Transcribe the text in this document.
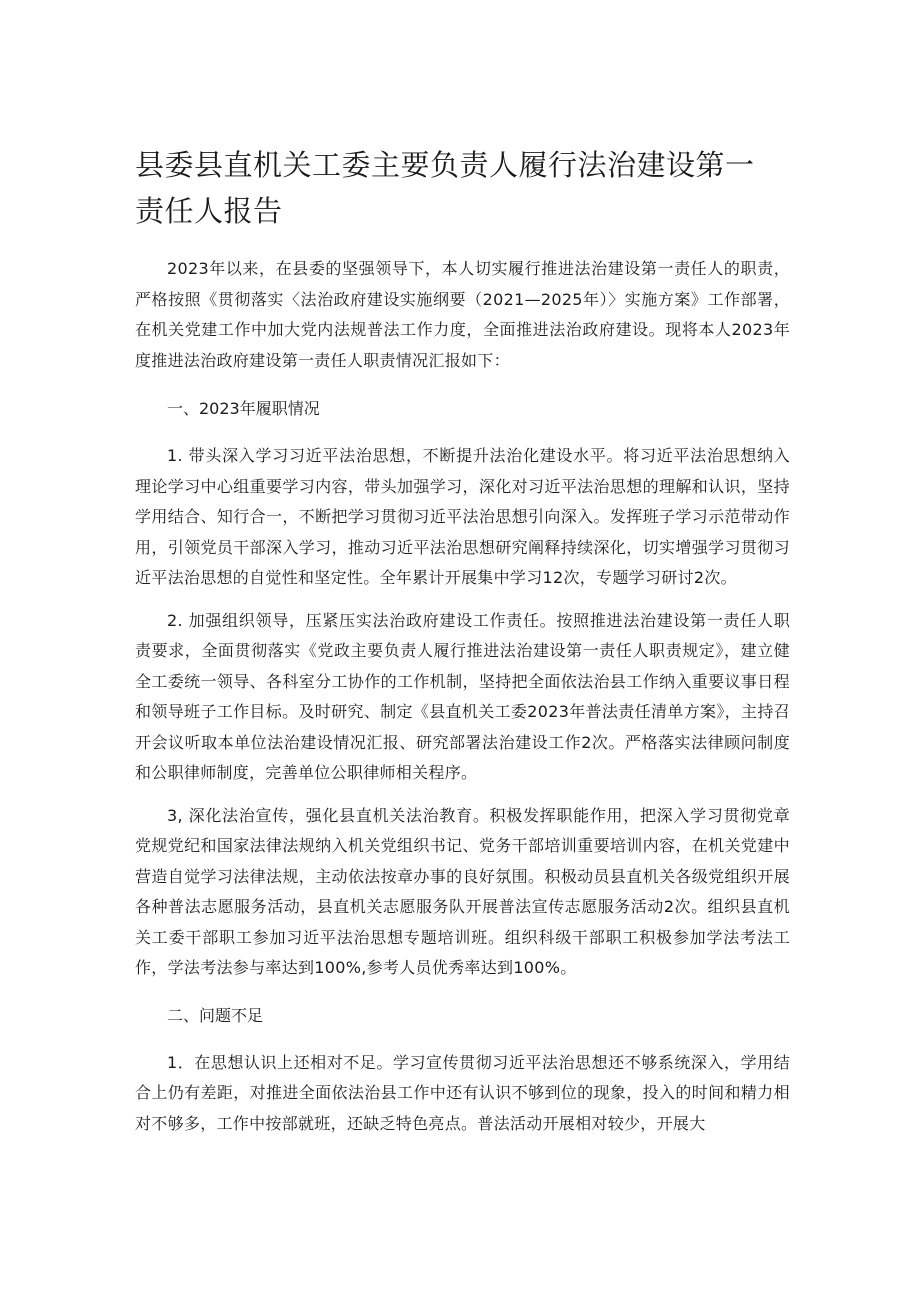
县委县直机关工委主要负责人履行法治建设第一责任人报告

2023年以来，在县委的坚强领导下，本人切实履行推进法治建设第一责任人的职责，严格按照《贯彻落实〈法治政府建设实施纲要（2021—2025年）〉实施方案》工作部署，在机关党建工作中加大党内法规普法工作力度，全面推进法治政府建设。现将本人2023年度推进法治政府建设第一责任人职责情况汇报如下：

一、2023年履职情况

1. 带头深入学习习近平法治思想，不断提升法治化建设水平。将习近平法治思想纳入理论学习中心组重要学习内容，带头加强学习，深化对习近平法治思想的理解和认识，坚持学用结合、知行合一，不断把学习贯彻习近平法治思想引向深入。发挥班子学习示范带动作用，引领党员干部深入学习，推动习近平法治思想研究阐释持续深化，切实增强学习贯彻习近平法治思想的自觉性和坚定性。全年累计开展集中学习12次，专题学习研讨2次。

2. 加强组织领导，压紧压实法治政府建设工作责任。按照推进法治建设第一责任人职责要求，全面贯彻落实《党政主要负责人履行推进法治建设第一责任人职责规定》，建立健全工委统一领导、各科室分工协作的工作机制，坚持把全面依法治县工作纳入重要议事日程和领导班子工作目标。及时研究、制定《县直机关工委2023年普法责任清单方案》，主持召开会议听取本单位法治建设情况汇报、研究部署法治建设工作2次。严格落实法律顾问制度和公职律师制度，完善单位公职律师相关程序。

3, 深化法治宣传，强化县直机关法治教育。积极发挥职能作用，把深入学习贯彻党章党规党纪和国家法律法规纳入机关党组织书记、党务干部培训重要培训内容，在机关党建中营造自觉学习法律法规，主动依法按章办事的良好氛围。积极动员县直机关各级党组织开展各种普法志愿服务活动，县直机关志愿服务队开展普法宣传志愿服务活动2次。组织县直机关工委干部职工参加习近平法治思想专题培训班。组织科级干部职工积极参加学法考法工作，学法考法参与率达到100%,参考人员优秀率达到100%。

二、问题不足

1．在思想认识上还相对不足。学习宣传贯彻习近平法治思想还不够系统深入，学用结合上仍有差距，对推进全面依法治县工作中还有认识不够到位的现象，投入的时间和精力相对不够多，工作中按部就班，还缺乏特色亮点。普法活动开展相对较少，开展大
